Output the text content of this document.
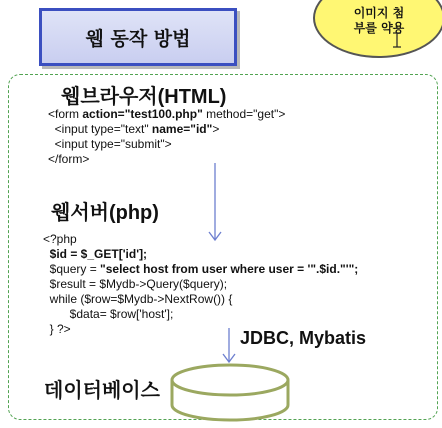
이미지 첨
부를 약용
웹 동작 방법
웹브라우저(HTML)
<form action="test100.php" method="get">
<input type="text" name="id">
<input type="submit">
</form>
웹서버(php)
<?php
$id = $_GET['id'];
$query = "select host from user where user = '".$id."'";
$result = $Mydb->Query($query);
while ($row=$Mydb->NextRow()) {
$data= $row['host'];
} ?>	JDBC, Mybatis
데이터베이스
